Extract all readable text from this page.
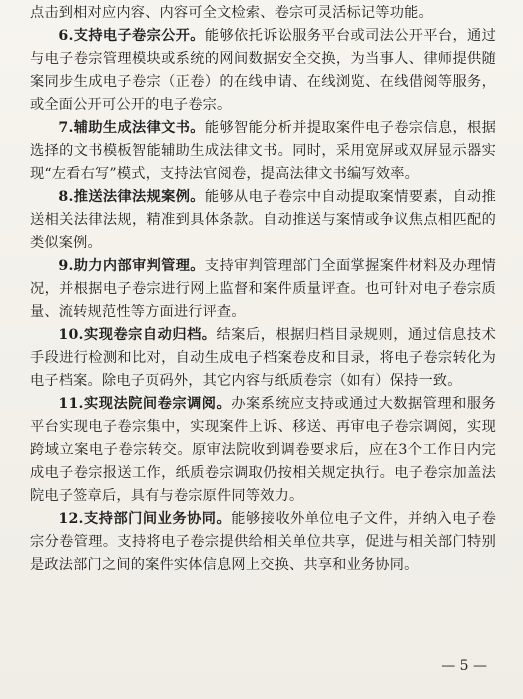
点击到相对应内容、内容可全文检索、卷宗可灵活标记等功能。

6.支持电子卷宗公开。能够依托诉讼服务平台或司法公开平台，通过与电子卷宗管理模块或系统的网间数据安全交换，为当事人、律师提供随案同步生成电子卷宗（正卷）的在线申请、在线浏览、在线借阅等服务，或全面公开可公开的电子卷宗。

7.辅助生成法律文书。能够智能分析并提取案件电子卷宗信息，根据选择的文书模板智能辅助生成法律文书。同时，采用宽屏或双屏显示器实现“左看右写”模式，支持法官阅卷，提高法律文书编写效率。

8.推送法律法规案例。能够从电子卷宗中自动提取案情要素，自动推送相关法律法规，精准到具体条款。自动推送与案情或争议焦点相匹配的类似案例。

9.助力内部审判管理。支持审判管理部门全面掌握案件材料及办理情况，并根据电子卷宗进行网上监督和案件质量评查。也可针对电子卷宗质量、流转规范性等方面进行评查。

10.实现卷宗自动归档。结案后，根据归档目录规则，通过信息技术手段进行检测和比对，自动生成电子档案卷皮和目录，将电子卷宗转化为电子档案。除电子页码外，其它内容与纸质卷宗（如有）保持一致。

11.实现法院间卷宗调阅。办案系统应支持或通过大数据管理和服务平台实现电子卷宗集中，实现案件上诉、移送、再审电子卷宗调阅，实现跨域立案电子卷宗转交。原审法院收到调卷要求后，应在3个工作日内完成电子卷宗报送工作，纸质卷宗调取仍按相关规定执行。电子卷宗加盖法院电子签章后，具有与卷宗原件同等效力。

12.支持部门间业务协同。能够接收外单位电子文件，并纳入电子卷宗分卷管理。支持将电子卷宗提供给相关单位共享，促进与相关部门特别是政法部门之间的案件实体信息网上交换、共享和业务协同。

— 5 —
